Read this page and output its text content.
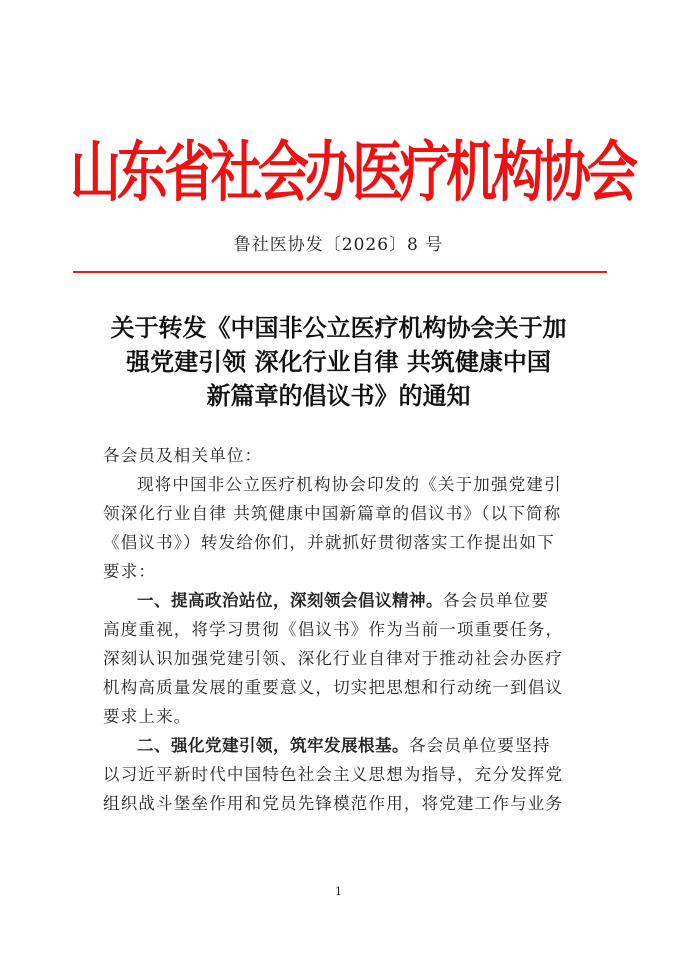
山东省社会办医疗机构协会
鲁社医协发〔2026〕8 号
关于转发《中国非公立医疗机构协会关于加
强党建引领 深化行业自律 共筑健康中国
新篇章的倡议书》的通知
各会员及相关单位：
现将中国非公立医疗机构协会印发的《关于加强党建引
领深化行业自律 共筑健康中国新篇章的倡议书》（以下简称
《倡议书》）转发给你们，并就抓好贯彻落实工作提出如下
要求：
一、提高政治站位，深刻领会倡议精神。各会员单位要
高度重视，将学习贯彻《倡议书》作为当前一项重要任务，
深刻认识加强党建引领、深化行业自律对于推动社会办医疗
机构高质量发展的重要意义，切实把思想和行动统一到倡议
要求上来。
二、强化党建引领，筑牢发展根基。各会员单位要坚持
以习近平新时代中国特色社会主义思想为指导，充分发挥党
组织战斗堡垒作用和党员先锋模范作用，将党建工作与业务
1
